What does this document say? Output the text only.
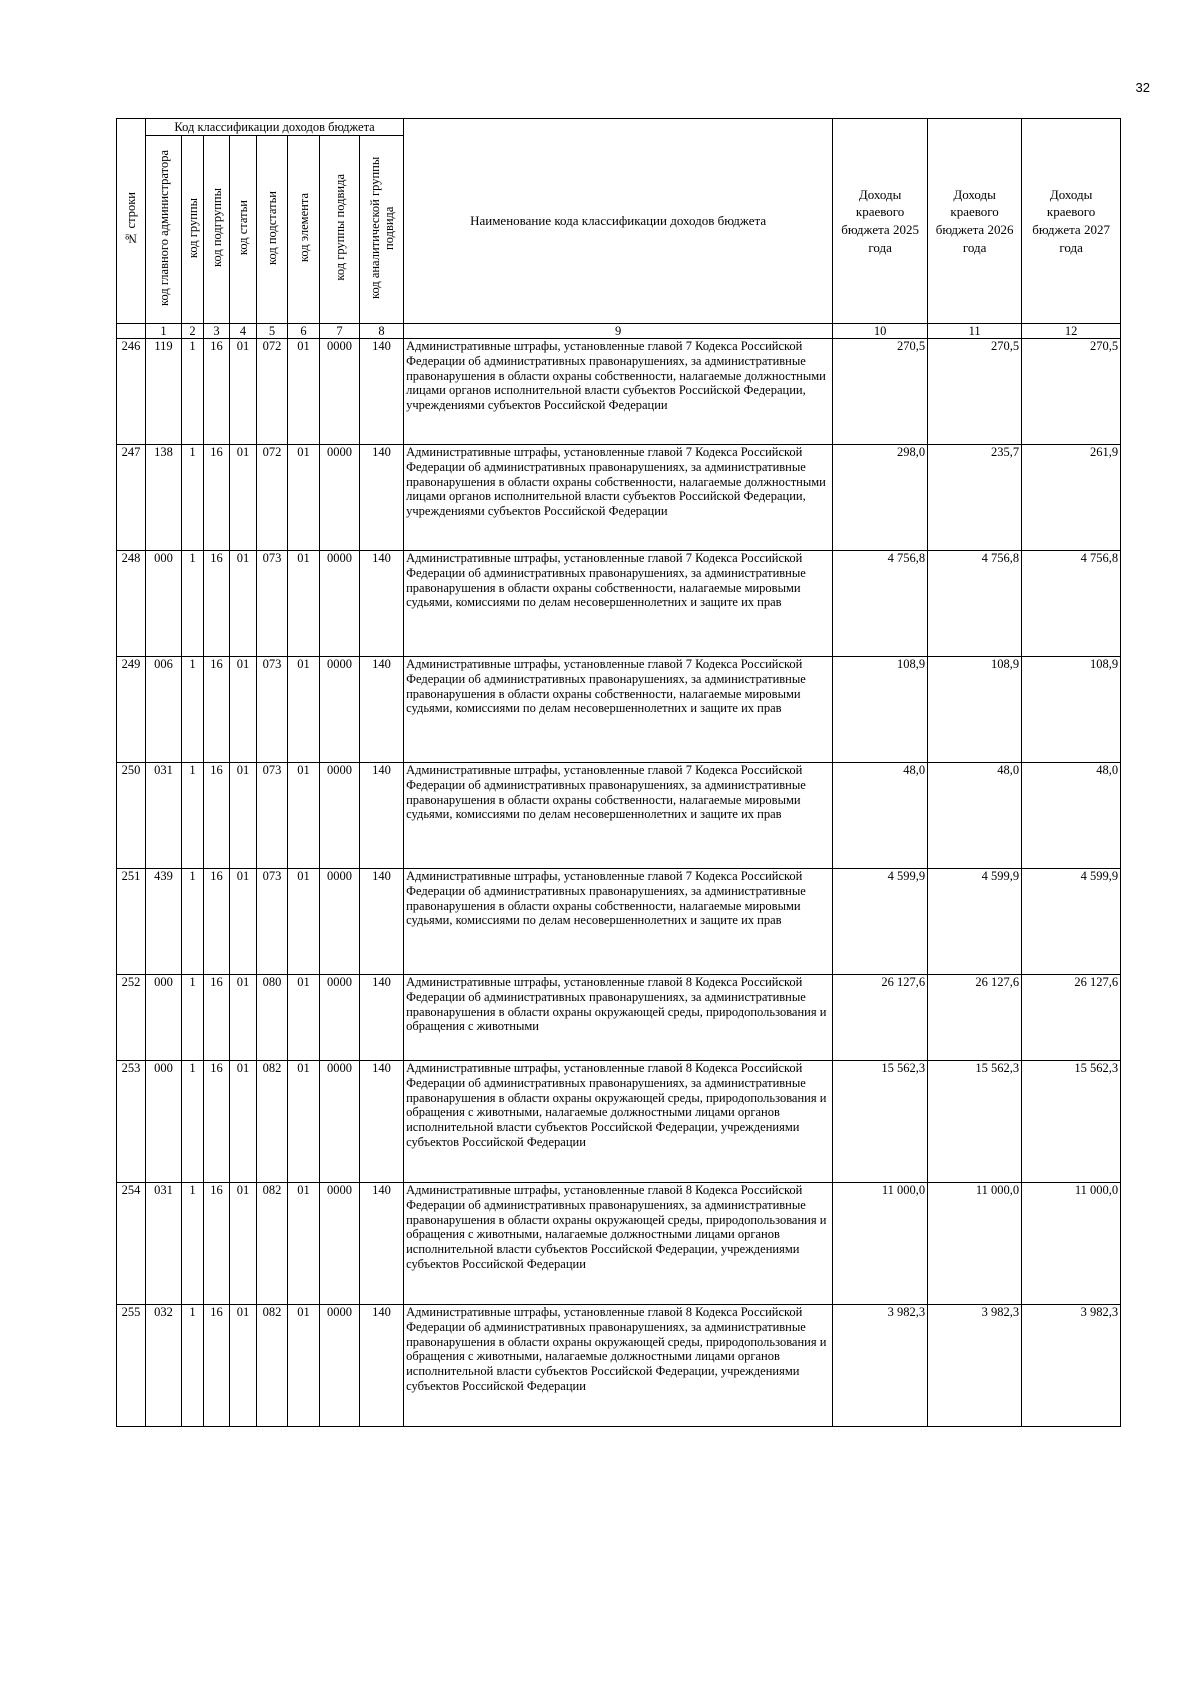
32
№ строки	Код классификации доходов бюджета								Наименование кода классификации доходов бюджета	Доходы краевого бюджета 2025 года	Доходы краевого бюджета 2026 года	Доходы краевого бюджета 2027 года
	код главного администратора	код группы	код подгруппы	код статьи	код подстатьи	код элемента	код группы подвида	код аналитической группы подвида				
	1	2	3	4	5	6	7	8	9	10	11	12
246	119	1	16	01	072	01	0000	140	Административные штрафы, установленные главой 7 Кодекса Российской Федерации об административных правонарушениях, за административные правонарушения в области охраны собственности, налагаемые должностными лицами органов исполнительной власти субъектов Российской Федерации, учреждениями субъектов Российской Федерации	270,5	270,5	270,5
247	138	1	16	01	072	01	0000	140	Административные штрафы, установленные главой 7 Кодекса Российской Федерации об административных правонарушениях, за административные правонарушения в области охраны собственности, налагаемые должностными лицами органов исполнительной власти субъектов Российской Федерации, учреждениями субъектов Российской Федерации	298,0	235,7	261,9
248	000	1	16	01	073	01	0000	140	Административные штрафы, установленные главой 7 Кодекса Российской Федерации об административных правонарушениях, за административные правонарушения в области охраны собственности, налагаемые мировыми судьями, комиссиями по делам несовершеннолетних и защите их прав	4 756,8	4 756,8	4 756,8
249	006	1	16	01	073	01	0000	140	Административные штрафы, установленные главой 7 Кодекса Российской Федерации об административных правонарушениях, за административные правонарушения в области охраны собственности, налагаемые мировыми судьями, комиссиями по делам несовершеннолетних и защите их прав	108,9	108,9	108,9
250	031	1	16	01	073	01	0000	140	Административные штрафы, установленные главой 7 Кодекса Российской Федерации об административных правонарушениях, за административные правонарушения в области охраны собственности, налагаемые мировыми судьями, комиссиями по делам несовершеннолетних и защите их прав	48,0	48,0	48,0
251	439	1	16	01	073	01	0000	140	Административные штрафы, установленные главой 7 Кодекса Российской Федерации об административных правонарушениях, за административные правонарушения в области охраны собственности, налагаемые мировыми судьями, комиссиями по делам несовершеннолетних и защите их прав	4 599,9	4 599,9	4 599,9
252	000	1	16	01	080	01	0000	140	Административные штрафы, установленные главой 8 Кодекса Российской Федерации об административных правонарушениях, за административные правонарушения в области охраны окружающей среды, природопользования и обращения с животными	26 127,6	26 127,6	26 127,6
253	000	1	16	01	082	01	0000	140	Административные штрафы, установленные главой 8 Кодекса Российской Федерации об административных правонарушениях, за административные правонарушения в области охраны окружающей среды, природопользования и обращения с животными, налагаемые должностными лицами органов исполнительной власти субъектов Российской Федерации, учреждениями субъектов Российской Федерации	15 562,3	15 562,3	15 562,3
254	031	1	16	01	082	01	0000	140	Административные штрафы, установленные главой 8 Кодекса Российской Федерации об административных правонарушениях, за административные правонарушения в области охраны окружающей среды, природопользования и обращения с животными, налагаемые должностными лицами органов исполнительной власти субъектов Российской Федерации, учреждениями субъектов Российской Федерации	11 000,0	11 000,0	11 000,0
255	032	1	16	01	082	01	0000	140	Административные штрафы, установленные главой 8 Кодекса Российской Федерации об административных правонарушениях, за административные правонарушения в области охраны окружающей среды, природопользования и обращения с животными, налагаемые должностными лицами органов исполнительной власти субъектов Российской Федерации, учреждениями субъектов Российской Федерации	3 982,3	3 982,3	3 982,3
